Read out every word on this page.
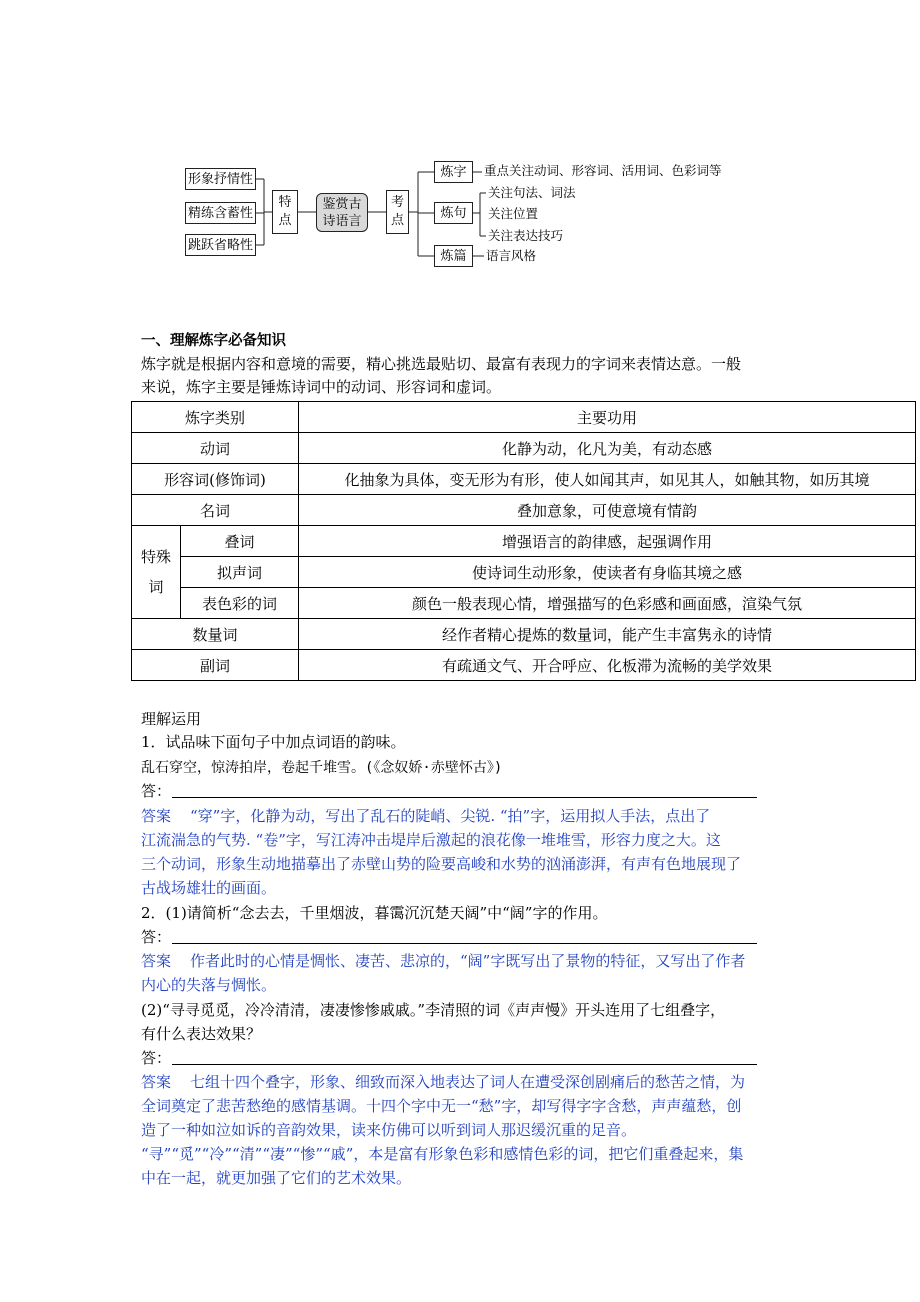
形象抒情性
精练含蓄性
跳跃省略性
特点
鉴赏古
诗语言
考点
炼字
炼句
炼篇
重点关注动词、形容词、活用词、色彩词等
关注句法、词法
关注位置
关注表达技巧
语言风格
一、理解炼字必备知识
炼字就是根据内容和意境的需要，精心挑选最贴切、最富有表现力的字词来表情达意。一般
来说，炼字主要是锤炼诗词中的动词、形容词和虚词。
炼字类别		主要功用
动词		化静为动，化凡为美，有动态感
形容词(修饰词)		化抽象为具体，变无形为有形，使人如闻其声，如见其人，如触其物，如历其境
名词		叠加意象，可使意境有情韵

特殊
词	叠词	增强语言的韵律感，起强调作用
	拟声词	使诗词生动形象，使读者有身临其境之感
	表色彩的词	颜色一般表现心情，增强描写的色彩感和画面感，渲染气氛
数量词		经作者精心提炼的数量词，能产生丰富隽永的诗情
副词		有疏通文气、开合呼应、化板滞为流畅的美学效果
理解运用
1．试品味下面句子中加点词语的韵味。
乱石穿空，惊涛拍岸，卷起千堆雪。(《念奴娇·赤壁怀古》)
答：
答案 “穿”字，化静为动，写出了乱石的陡峭、尖锐. “拍”字，运用拟人手法，点出了
江流湍急的气势. “卷”字，写江涛冲击堤岸后激起的浪花像一堆堆雪，形容力度之大。这
三个动词，形象生动地描摹出了赤壁山势的险要高峻和水势的汹涌澎湃，有声有色地展现了
古战场雄壮的画面。
2．(1)请简析“念去去，千里烟波，暮霭沉沉楚天阔”中“阔”字的作用。
答：
答案 作者此时的心情是惆怅、凄苦、悲凉的，“阔”字既写出了景物的特征，又写出了作者
内心的失落与惆怅。
(2)“寻寻觅觅，冷冷清清，凄凄惨惨戚戚。”李清照的词《声声慢》开头连用了七组叠字，
有什么表达效果？
答：
答案 七组十四个叠字，形象、细致而深入地表达了词人在遭受深创剧痛后的愁苦之情，为
全词奠定了悲苦愁绝的感情基调。十四个字中无一“愁”字，却写得字字含愁，声声蕴愁，创
造了一种如泣如诉的音韵效果，读来仿佛可以听到词人那迟缓沉重的足音。
“寻”“觅”“冷”“清”“凄”“惨”“戚”，本是富有形象色彩和感情色彩的词，把它们重叠起来，集
中在一起，就更加强了它们的艺术效果。
